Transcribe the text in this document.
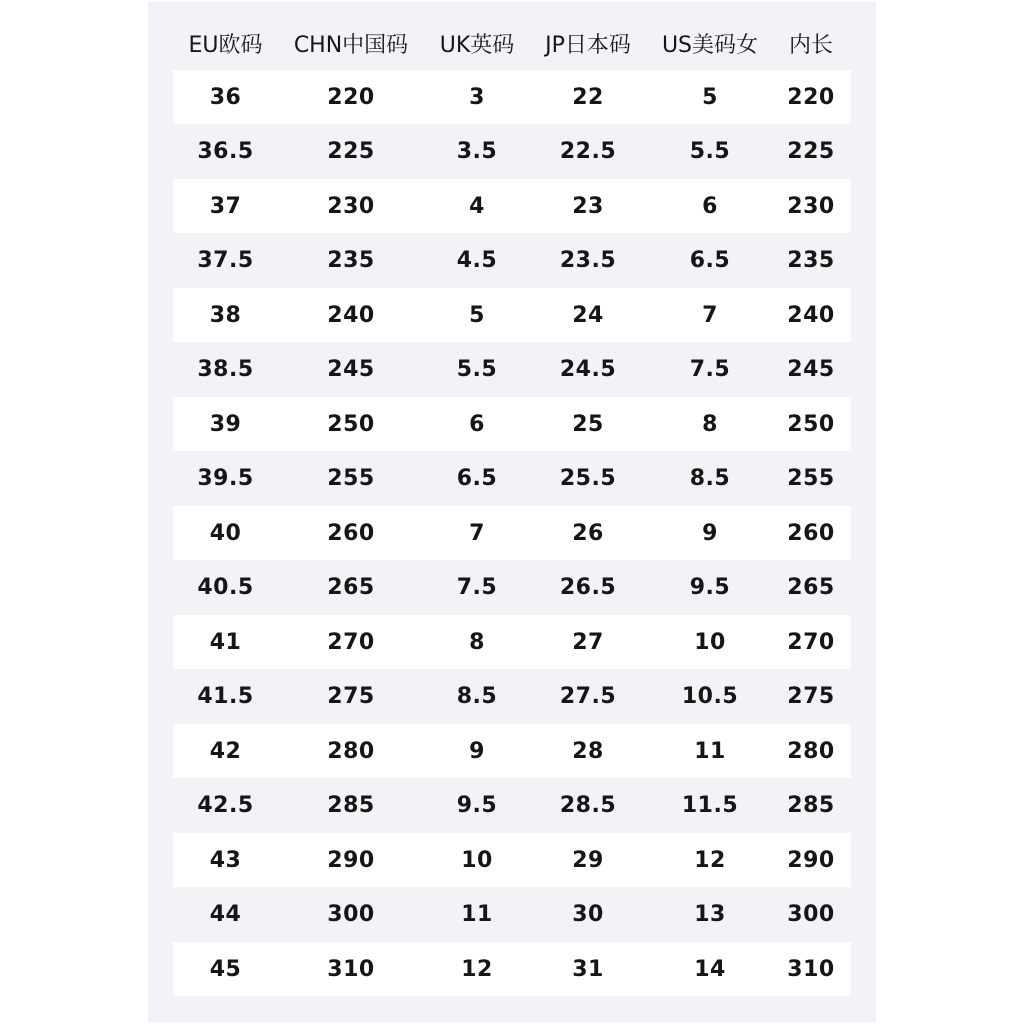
EU欧码	CHN中国码	UK英码	JP日本码	US美码女	内长
36	220	3	22	5	220
36.5	225	3.5	22.5	5.5	225
37	230	4	23	6	230
37.5	235	4.5	23.5	6.5	235
38	240	5	24	7	240
38.5	245	5.5	24.5	7.5	245
39	250	6	25	8	250
39.5	255	6.5	25.5	8.5	255
40	260	7	26	9	260
40.5	265	7.5	26.5	9.5	265
41	270	8	27	10	270
41.5	275	8.5	27.5	10.5	275
42	280	9	28	11	280
42.5	285	9.5	28.5	11.5	285
43	290	10	29	12	290
44	300	11	30	13	300
45	310	12	31	14	310
